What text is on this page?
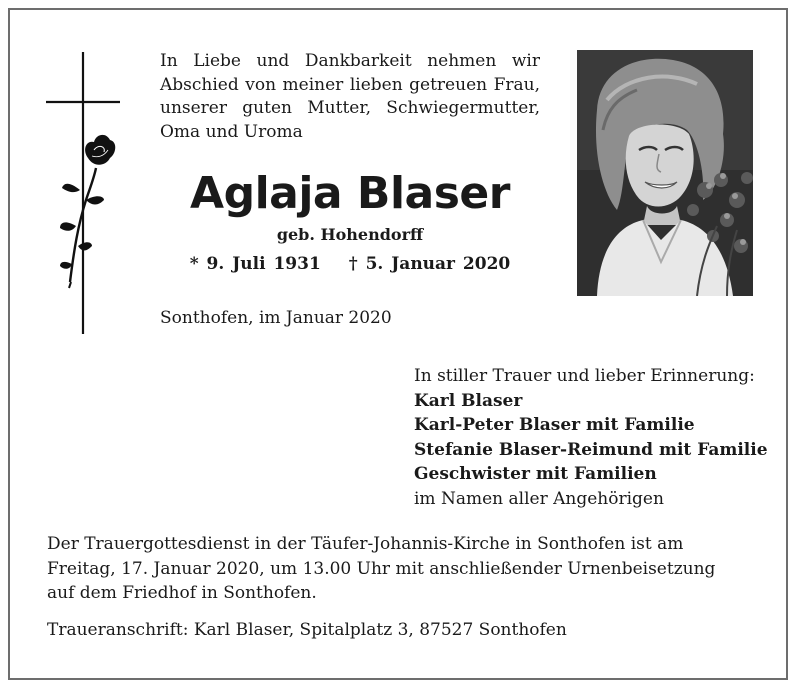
In Liebe und Dankbarkeit nehmen wir
Abschied von meiner lieben getreuen Frau,
unserer guten Mutter, Schwiegermutter,
Oma und Uroma
Aglaja Blaser
geb. Hohendorff
* 9. Juli 1931 † 5. Januar 2020
Sonthofen, im Januar 2020
In stiller Trauer und lieber Erinnerung:
Karl Blaser
Karl-Peter Blaser mit Familie
Stefanie Blaser-Reimund mit Familie
Geschwister mit Familien
im Namen aller Angehörigen
Der Trauergottesdienst in der Täufer-Johannis-Kirche in Sonthofen ist am
Freitag, 17. Januar 2020, um 13.00 Uhr mit anschließender Urnenbeisetzung
auf dem Friedhof in Sonthofen.
Traueranschrift: Karl Blaser, Spitalplatz 3, 87527 Sonthofen
